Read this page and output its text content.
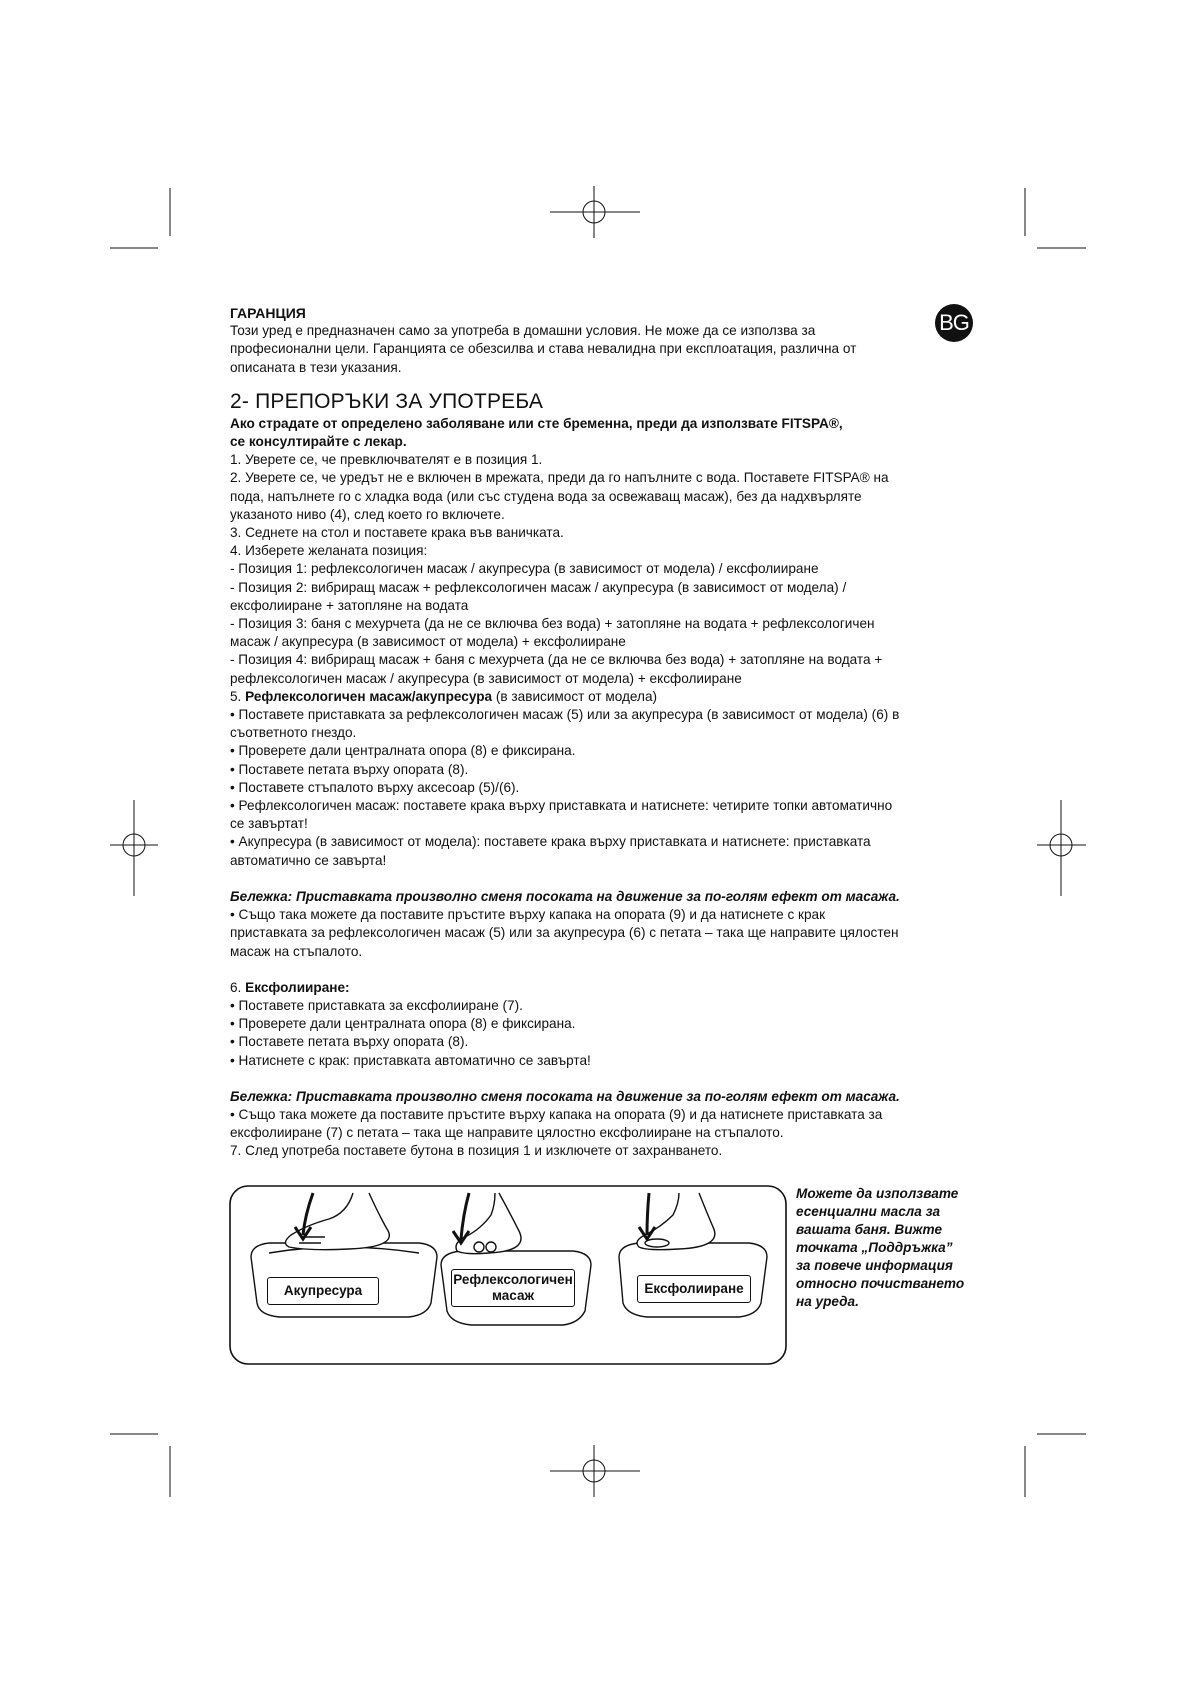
BG
ГАРАНЦИЯ
Този уред е предназначен само за употреба в домашни условия. Не може да се използва за
професионални цели. Гаранцията се обезсилва и става невалидна при експлоатация, различна от
описаната в тези указания.
2- ПРЕПОРЪКИ ЗА УПОТРЕБА
Ако страдате от определено заболяване или сте бременна, преди да използвате FITSPA®,
се консултирайте с лекар.
1. Уверете се, че превключвателят е в позиция 1.
2. Уверете се, че уредът не е включен в мрежата, преди да го напълните с вода. Поставете FITSPA® на
пода, напълнете го с хладка вода (или със студена вода за освежаващ масаж), без да надхвърляте
указаното ниво (4), след което го включете.
3. Седнете на стол и поставете крака във ваничката.
4. Изберете желаната позиция:
- Позиция 1: рефлексологичен масаж / акупресура (в зависимост от модела) / ексфолииране
- Позиция 2: вибриращ масаж + рефлексологичен масаж / акупресура (в зависимост от модела) /
ексфолииране + затопляне на водата
- Позиция 3: баня с мехурчета (да не се включва без вода) + затопляне на водата + рефлексологичен
масаж / акупресура (в зависимост от модела) + ексфолииране
- Позиция 4: вибриращ масаж + баня с мехурчета (да не се включва без вода) + затопляне на водата +
рефлексологичен масаж / акупресура (в зависимост от модела) + ексфолииране
5. Рефлексологичен масаж/акупресура (в зависимост от модела)
• Поставете приставката за рефлексологичен масаж (5) или за акупресура (в зависимост от модела) (6) в
съответното гнездо.
• Проверете дали централната опора (8) е фиксирана.
• Поставете петата върху опората (8).
• Поставете стъпалото върху аксесоар (5)/(6).
• Рефлексологичен масаж: поставете крака върху приставката и натиснете: четирите топки автоматично
се завъртат!
• Акупресура (в зависимост от модела): поставете крака върху приставката и натиснете: приставката
автоматично се завърта!
Бележка: Приставката произволно сменя посоката на движение за по-голям ефект от масажа.
• Също така можете да поставите пръстите върху капака на опората (9) и да натиснете с крак
приставката за рефлексологичен масаж (5) или за акупресура (6) с петата – така ще направите цялостен
масаж на стъпалото.
6. Ексфолииране:
• Поставете приставката за ексфолииране (7).
• Проверете дали централната опора (8) е фиксирана.
• Поставете петата върху опората (8).
• Натиснете с крак: приставката автоматично се завърта!
Бележка: Приставката произволно сменя посоката на движение за по-голям ефект от масажа.
• Също така можете да поставите пръстите върху капака на опората (9) и да натиснете приставката за
ексфолииране (7) с петата – така ще направите цялостно ексфолииране на стъпалото.
7. След употреба поставете бутона в позиция 1 и изключете от захранването.
Акупресура
Рефлексологичен
масаж	Ексфолииране
Можете да използвате
есенциални масла за
вашата баня. Вижте
точката „Поддръжка”
за повече информация
относно почистването
на уреда.
